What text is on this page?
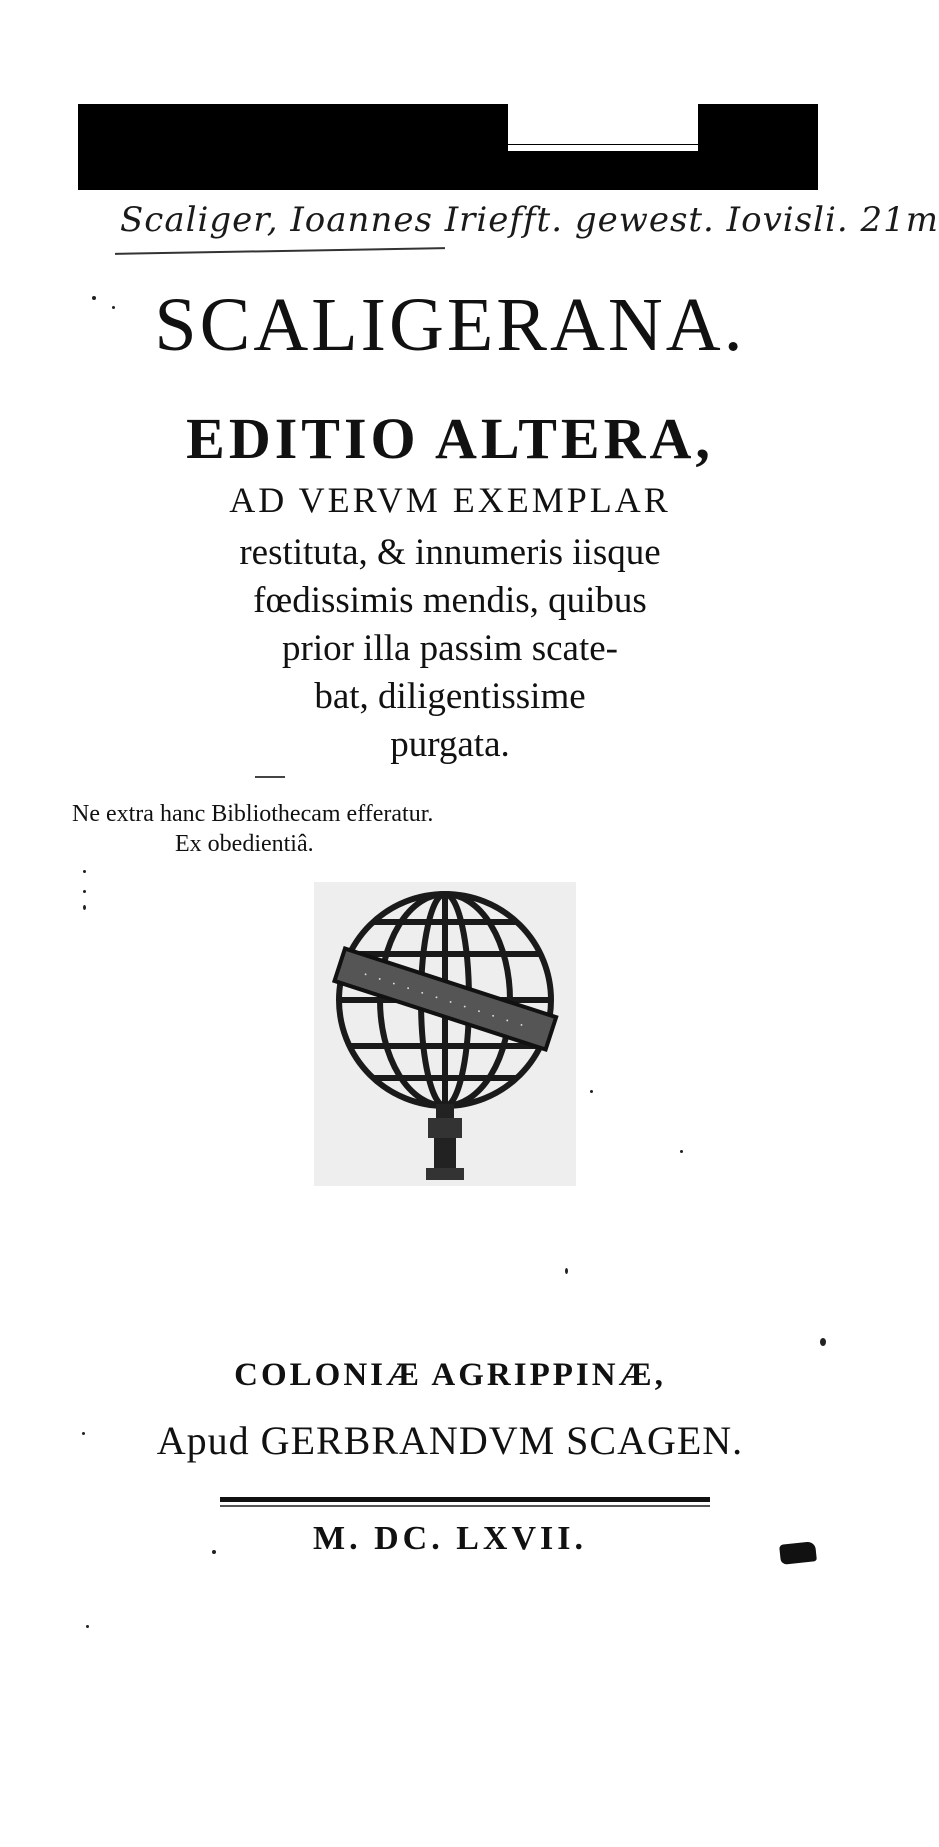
Scaliger, Ioannes Iriefft. gewest. Iovisli. 21m
SCALIGERANA.
EDITIO ALTERA,
AD VERVM EXEMPLAR
restituta, & innumeris iisque
fœdissimis mendis, quibus
prior illa passim scate-
bat, diligentissime
purgata.
Ne extra hanc Bibliothecam efferatur.
Ex obedientiâ.
· · · · · · · · · · · ·
COLONIÆ AGRIPPINÆ,
Apud GERBRANDVM SCAGEN.
M. DC. LXVII.
